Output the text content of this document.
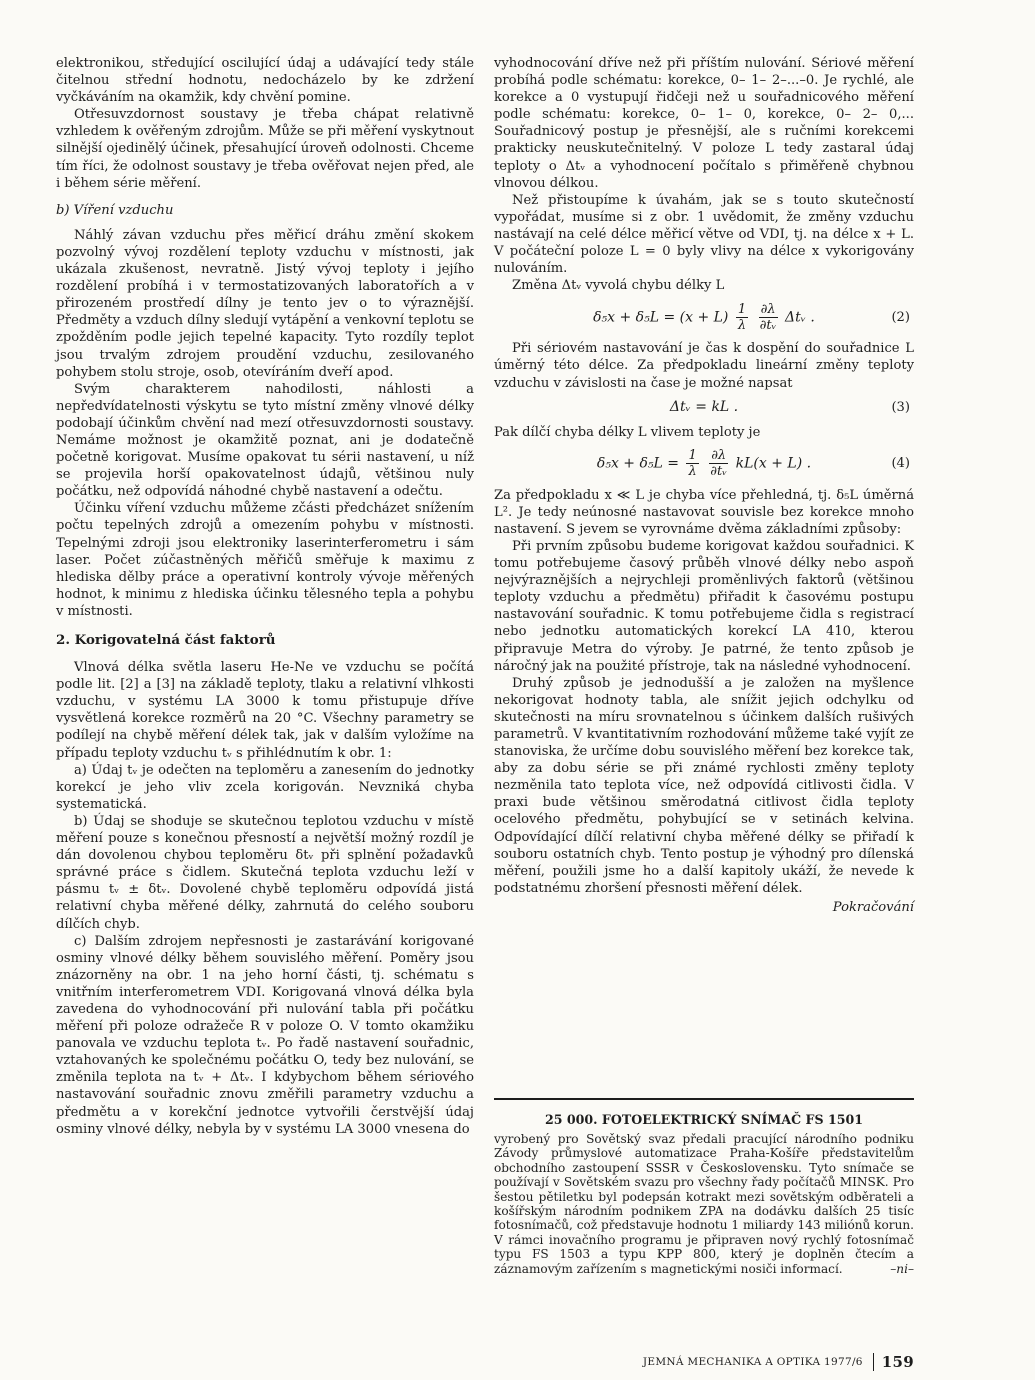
elektronikou, středující oscilující údaj a udávající tedy stále čitelnou střední hodnotu, nedocházelo by ke zdržení vyčkáváním na okamžik, kdy chvění pomine.

Otřesuvzdornost soustavy je třeba chápat relativně vzhledem k ověřeným zdrojům. Může se při měření vyskytnout silnější ojedinělý účinek, přesahující úroveň odolnosti. Chceme tím říci, že odolnost soustavy je třeba ověřovat nejen před, ale i během série měření.

b) Víření vzduchu

Náhlý závan vzduchu přes měřicí dráhu změní skokem pozvolný vývoj rozdělení teploty vzduchu v místnosti, jak ukázala zkušenost, nevratně. Jistý vývoj teploty i jejího rozdělení probíhá i v termostatizovaných laboratořích a v přirozeném prostředí dílny je tento jev o to výraznější. Předměty a vzduch dílny sledují vytápění a venkovní teplotu se zpožděním podle jejich tepelné kapacity. Tyto rozdíly teplot jsou trvalým zdrojem proudění vzduchu, zesilovaného pohybem stolu stroje, osob, otevíráním dveří apod.

Svým charakterem nahodilosti, náhlosti a nepředvídatelnosti výskytu se tyto místní změny vlnové délky podobají účinkům chvění nad mezí otřesuvzdornosti soustavy. Nemáme možnost je okamžitě poznat, ani je dodatečně početně korigovat. Musíme opakovat tu sérii nastavení, u níž se projevila horší opakovatelnost údajů, většinou nuly počátku, než odpovídá náhodné chybě nastavení a odečtu.

Účinku víření vzduchu můžeme zčásti předcházet snížením počtu tepelných zdrojů a omezením pohybu v místnosti. Tepelnými zdroji jsou elektroniky laserinterferometru i sám laser. Počet zúčastněných měřičů směřuje k maximu z hlediska dělby práce a operativní kontroly vývoje měřených hodnot, k minimu z hlediska účinku tělesného tepla a pohybu v místnosti.

2. Korigovatelná část faktorů

Vlnová délka světla laseru He-Ne ve vzduchu se počítá podle lit. [2] a [3] na základě teploty, tlaku a relativní vlhkosti vzduchu, v systému LA 3000 k tomu přistupuje dříve vysvětlená korekce rozměrů na 20 °C. Všechny parametry se podílejí na chybě měření délek tak, jak v dalším vyložíme na případu teploty vzduchu tᵥ s přihlédnutím k obr. 1:

a) Údaj tᵥ je odečten na teploměru a zanesením do jednotky korekcí je jeho vliv zcela korigován. Nevzniká chyba systematická.

b) Údaj se shoduje se skutečnou teplotou vzduchu v místě měření pouze s konečnou přesností a největší možný rozdíl je dán dovolenou chybou teploměru δtᵥ při splnění požadavků správné práce s čidlem. Skutečná teplota vzduchu leží v pásmu tᵥ ± δtᵥ. Dovolené chybě teploměru odpovídá jistá relativní chyba měřené délky, zahrnutá do celého souboru dílčích chyb.

c) Dalším zdrojem nepřesnosti je zastarávání korigované osminy vlnové délky během souvislého měření. Poměry jsou znázorněny na obr. 1 na jeho horní části, tj. schématu s vnitřním interferometrem VDI. Korigovaná vlnová délka byla zavedena do vyhodnocování při nulování tabla při počátku měření při poloze odražeče R v poloze O. V tomto okamžiku panovala ve vzduchu teplota tᵥ. Po řadě nastavení souřadnic, vztahovaných ke společnému počátku O, tedy bez nulování, se změnila teplota na tᵥ + Δtᵥ. I kdybychom během sériového nastavování souřadnic znovu změřili parametry vzduchu a předmětu a v korekční jednotce vytvořili čerstvější údaj osminy vlnové délky, nebyla by v systému LA 3000 vnesena do

vyhodnocování dříve než při příštím nulování. Sériové měření probíhá podle schématu: korekce, 0– 1– 2–...–0. Je rychlé, ale korekce a 0 vystupují řidčeji než u souřadnicového měření podle schématu: korekce, 0– 1– 0, korekce, 0– 2– 0,... Souřadnicový postup je přesnější, ale s ručními korekcemi prakticky neuskutečnitelný. V poloze L tedy zastaral údaj teploty o Δtᵥ a vyhodnocení počítalo s přiměřeně chybnou vlnovou délkou.

Než přistoupíme k úvahám, jak se s touto skutečností vypořádat, musíme si z obr. 1 uvědomit, že změny vzduchu nastávají na celé délce měřicí větve od VDI, tj. na délce x + L. V počáteční poloze L = 0 byly vlivy na délce x vykorigovány nulováním.

Změna Δtᵥ vyvolá chybu délky L

$\delta_5x + \delta_5L = (x + L) \frac{1}{\lambda}$
$\frac{\partial\lambda}{\text{∂tᵥ}}$ Δtᵥ .	(2)

Při sériovém nastavování je čas k dospění do souřadnice L úměrný této délce. Za předpokladu lineární změny teploty vzduchu v závislosti na čase je možné napsat

Δtᵥ = kL .	(3)

Pak dílčí chyba délky L vlivem teploty je

$\delta_5x + \delta_5L = \frac{1}{\lambda}$
$\frac{\partial\lambda}{\text{∂tᵥ}} kL(x + L)$ .	(4)

Za předpokladu x ≪ L je chyba více přehledná, tj. δ₅L úměrná L². Je tedy neúnosné nastavovat souvisle bez korekce mnoho nastavení. S jevem se vyrovnáme dvěma základními způsoby:

Při prvním způsobu budeme korigovat každou souřadnici. K tomu potřebujeme časový průběh vlnové délky nebo aspoň nejvýraznějších a nejrychleji proměnlivých faktorů (většinou teploty vzduchu a předmětu) přiřadit k časovému postupu nastavování souřadnic. K tomu potřebujeme čidla s registrací nebo jednotku automatických korekcí LA 410, kterou připravuje Metra do výroby. Je patrné, že tento způsob je náročný jak na použité přístroje, tak na následné vyhodnocení.

Druhý způsob je jednodušší a je založen na myšlence nekorigovat hodnoty tabla, ale snížit jejich odchylku od skutečnosti na míru srovnatelnou s účinkem dalších rušivých parametrů. V kvantitativním rozhodování můžeme také vyjít ze stanoviska, že určíme dobu souvislého měření bez korekce tak, aby za dobu série se při známé rychlosti změny teploty nezměnila tato teplota více, než odpovídá citlivosti čidla. V praxi bude většinou směrodatná citlivost čidla teploty ocelového předmětu, pohybující se v setinách kelvina. Odpovídající dílčí relativní chyba měřené délky se přiřadí k souboru ostatních chyb. Tento postup je výhodný pro dílenská měření, použili jsme ho a další kapitoly ukáží, že nevede k podstatnému zhoršení přesnosti měření délek.

Pokračování

25 000. FOTOELEKTRICKÝ SNÍMAČ FS 1501
vyrobený pro Sovětský svaz předali pracující národního podniku Závody průmyslové automatizace Praha-Košíře představitelům obchodního zastoupení SSSR v Československu. Tyto snímače se používají v Sovětském svazu pro všechny řady počítačů MINSK. Pro šestou pětiletku byl podepsán kotrakt mezi sovětským odběrateli a košířským národním podnikem ZPA na dodávku dalších 25 tisíc fotosnímačů, což představuje hodnotu 1 miliardy 143 miliónů korun. V rámci inovačního programu je připraven nový rychlý fotosnímač typu FS 1503 a typu KPP 800, který je doplněn čtecím a záznamovým zařízením s magnetickými nosiči informací.	–ni–
JEMNÁ MECHANIKA A OPTIKA 1977/6 159
